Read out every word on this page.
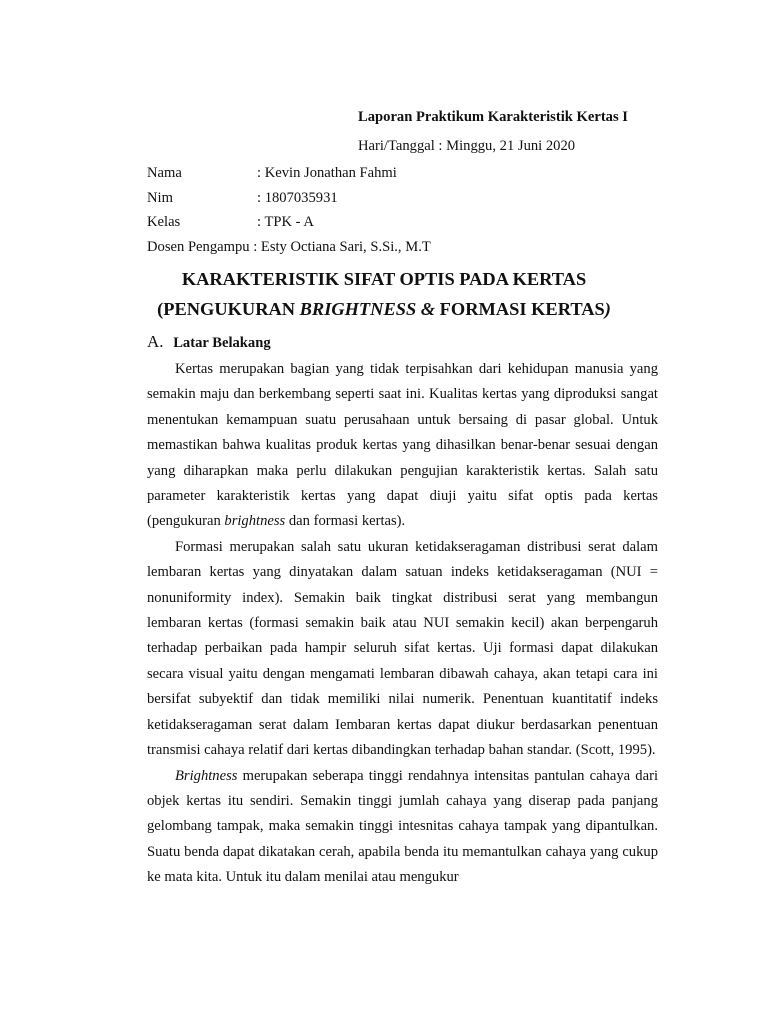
Laporan Praktikum Karakteristik Kertas I
Hari/Tanggal : Minggu, 21 Juni 2020
Nama	: Kevin Jonathan Fahmi
Nim	: 1807035931
Kelas	: TPK - A
Dosen Pengampu : Esty Octiana Sari, S.Si., M.T
KARAKTERISTIK SIFAT OPTIS PADA KERTAS
(PENGUKURAN BRIGHTNESS & FORMASI KERTAS)
A. Latar Belakang

Kertas merupakan bagian yang tidak terpisahkan dari kehidupan manusia yang semakin maju dan berkembang seperti saat ini. Kualitas kertas yang diproduksi sangat menentukan kemampuan suatu perusahaan untuk bersaing di pasar global. Untuk memastikan bahwa kualitas produk kertas yang dihasilkan benar-benar sesuai dengan yang diharapkan maka perlu dilakukan pengujian karakteristik kertas. Salah satu parameter karakteristik kertas yang dapat diuji yaitu sifat optis pada kertas (pengukuran brightness dan formasi kertas).

Formasi merupakan salah satu ukuran ketidakseragaman distribusi serat dalam lembaran kertas yang dinyatakan dalam satuan indeks ketidakseragaman (NUI = nonuniformity index). Semakin baik tingkat distribusi serat yang membangun lembaran kertas (formasi semakin baik atau NUI semakin kecil) akan berpengaruh terhadap perbaikan pada hampir seluruh sifat kertas. Uji formasi dapat dilakukan secara visual yaitu dengan mengamati lembaran dibawah cahaya, akan tetapi cara ini bersifat subyektif dan tidak memiliki nilai numerik. Penentuan kuantitatif indeks ketidakseragaman serat dalam Iembaran kertas dapat diukur berdasarkan penentuan transmisi cahaya relatif dari kertas dibandingkan terhadap bahan standar. (Scott, 1995).

Brightness merupakan seberapa tinggi rendahnya intensitas pantulan cahaya dari objek kertas itu sendiri. Semakin tinggi jumlah cahaya yang diserap pada panjang gelombang tampak, maka semakin tinggi intesnitas cahaya tampak yang dipantulkan. Suatu benda dapat dikatakan cerah, apabila benda itu memantulkan cahaya yang cukup ke mata kita. Untuk itu dalam menilai atau mengukur
